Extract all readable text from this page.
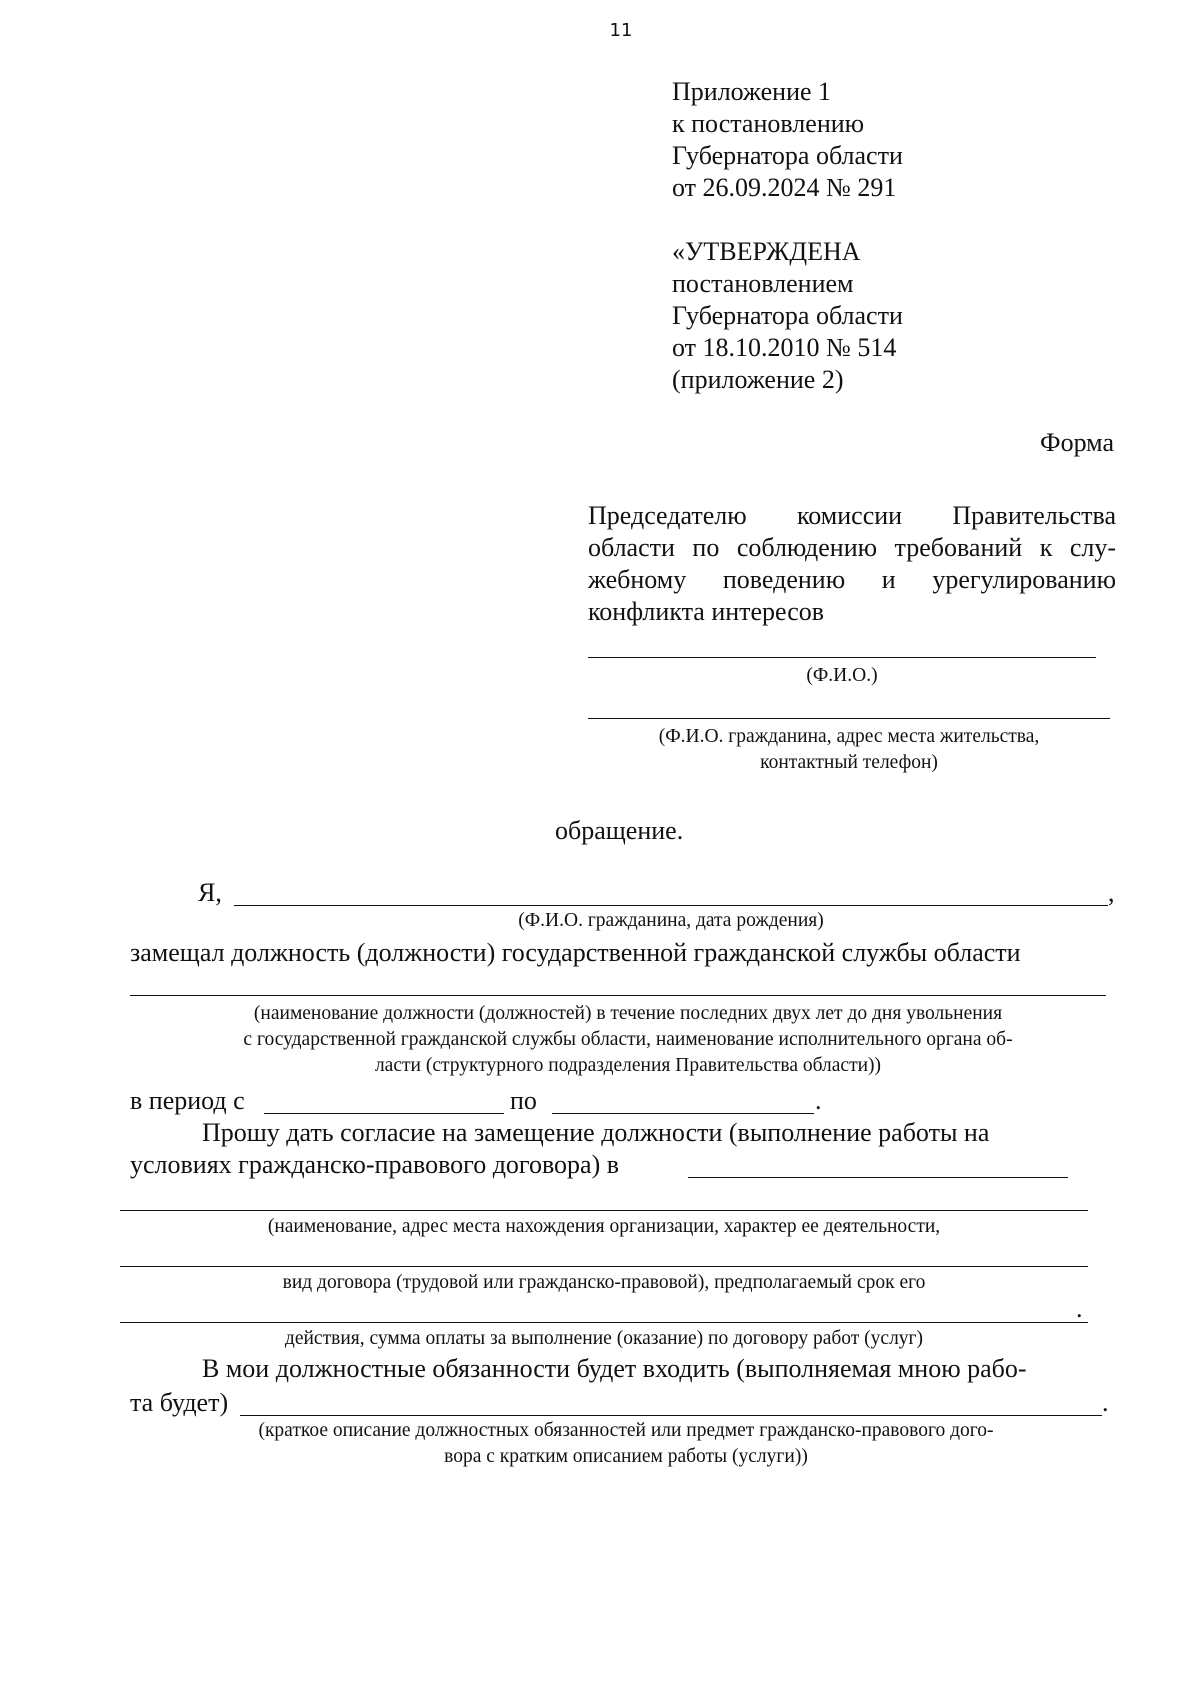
11
Приложение 1
к постановлению
Губернатора области
от 26.09.2024 № 291
«УТВЕРЖДЕНА
постановлением
Губернатора области
от 18.10.2010 № 514
(приложение 2)
Форма
Председателю комиссии Правительства
области по соблюдению требований к слу-
жебному поведению и урегулированию
конфликта интересов
(Ф.И.О.)
(Ф.И.О. гражданина, адрес места жительства,
контактный телефон)
обращение.
Я,	,
(Ф.И.О. гражданина, дата рождения)
замещал должность (должности) государственной гражданской службы области
(наименование должности (должностей) в течение последних двух лет до дня увольнения
с государственной гражданской службы области, наименование исполнительного органа об-
ласти (структурного подразделения Правительства области))
в период с	по	.
Прошу дать согласие на замещение должности (выполнение работы на
условиях гражданско-правового договора) в
(наименование, адрес места нахождения организации, характер ее деятельности,
вид договора (трудовой или гражданско-правовой), предполагаемый срок его
.
действия, сумма оплаты за выполнение (оказание) по договору работ (услуг)
В мои должностные обязанности будет входить (выполняемая мною рабо-
та будет)	.
(краткое описание должностных обязанностей или предмет гражданско-правового дого-
вора с кратким описанием работы (услуги))
